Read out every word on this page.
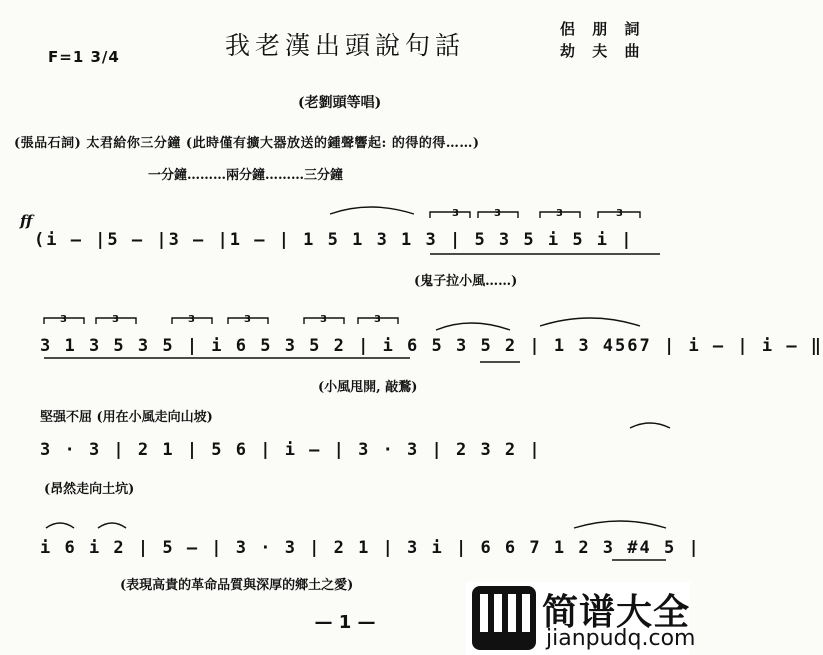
F=1 3/4	我老漢出頭說句話
侶 朋 詞
劫 夫 曲
(老劉頭等唱)
(張品石詞) 太君給你三分鐘 (此時僅有擴大器放送的鍾聲響起: 的得的得……)
一分鐘………兩分鐘………三分鐘
ff
(i — |5 — |3 — |1 — | 1 5 1 3 1 3 | 5 3 5 i 5 i |
(鬼子拉小風……)
3 1 3 5 3 5 | i 6 5 3 5 2 | i 6 5 3 5 2 | 1 3 4567 | i — | i — ‖
(小風甩開, 敲鶩)
堅强不屈 (用在小風走向山坡)
3 · 3 | 2 1 | 5 6 | i — | 3 · 3 | 2 3 2 |
(昂然走向土坑)
i 6 i 2 | 5 — | 3 · 3 | 2 1 | 3 i | 6 6 7 1 2 3 #4 5 |
(表現高貴的革命品質與深厚的鄉土之愛)
— 1 —
3	3	3	3
3	3	3	3	3	3
简谱大全
jianpudq.com
